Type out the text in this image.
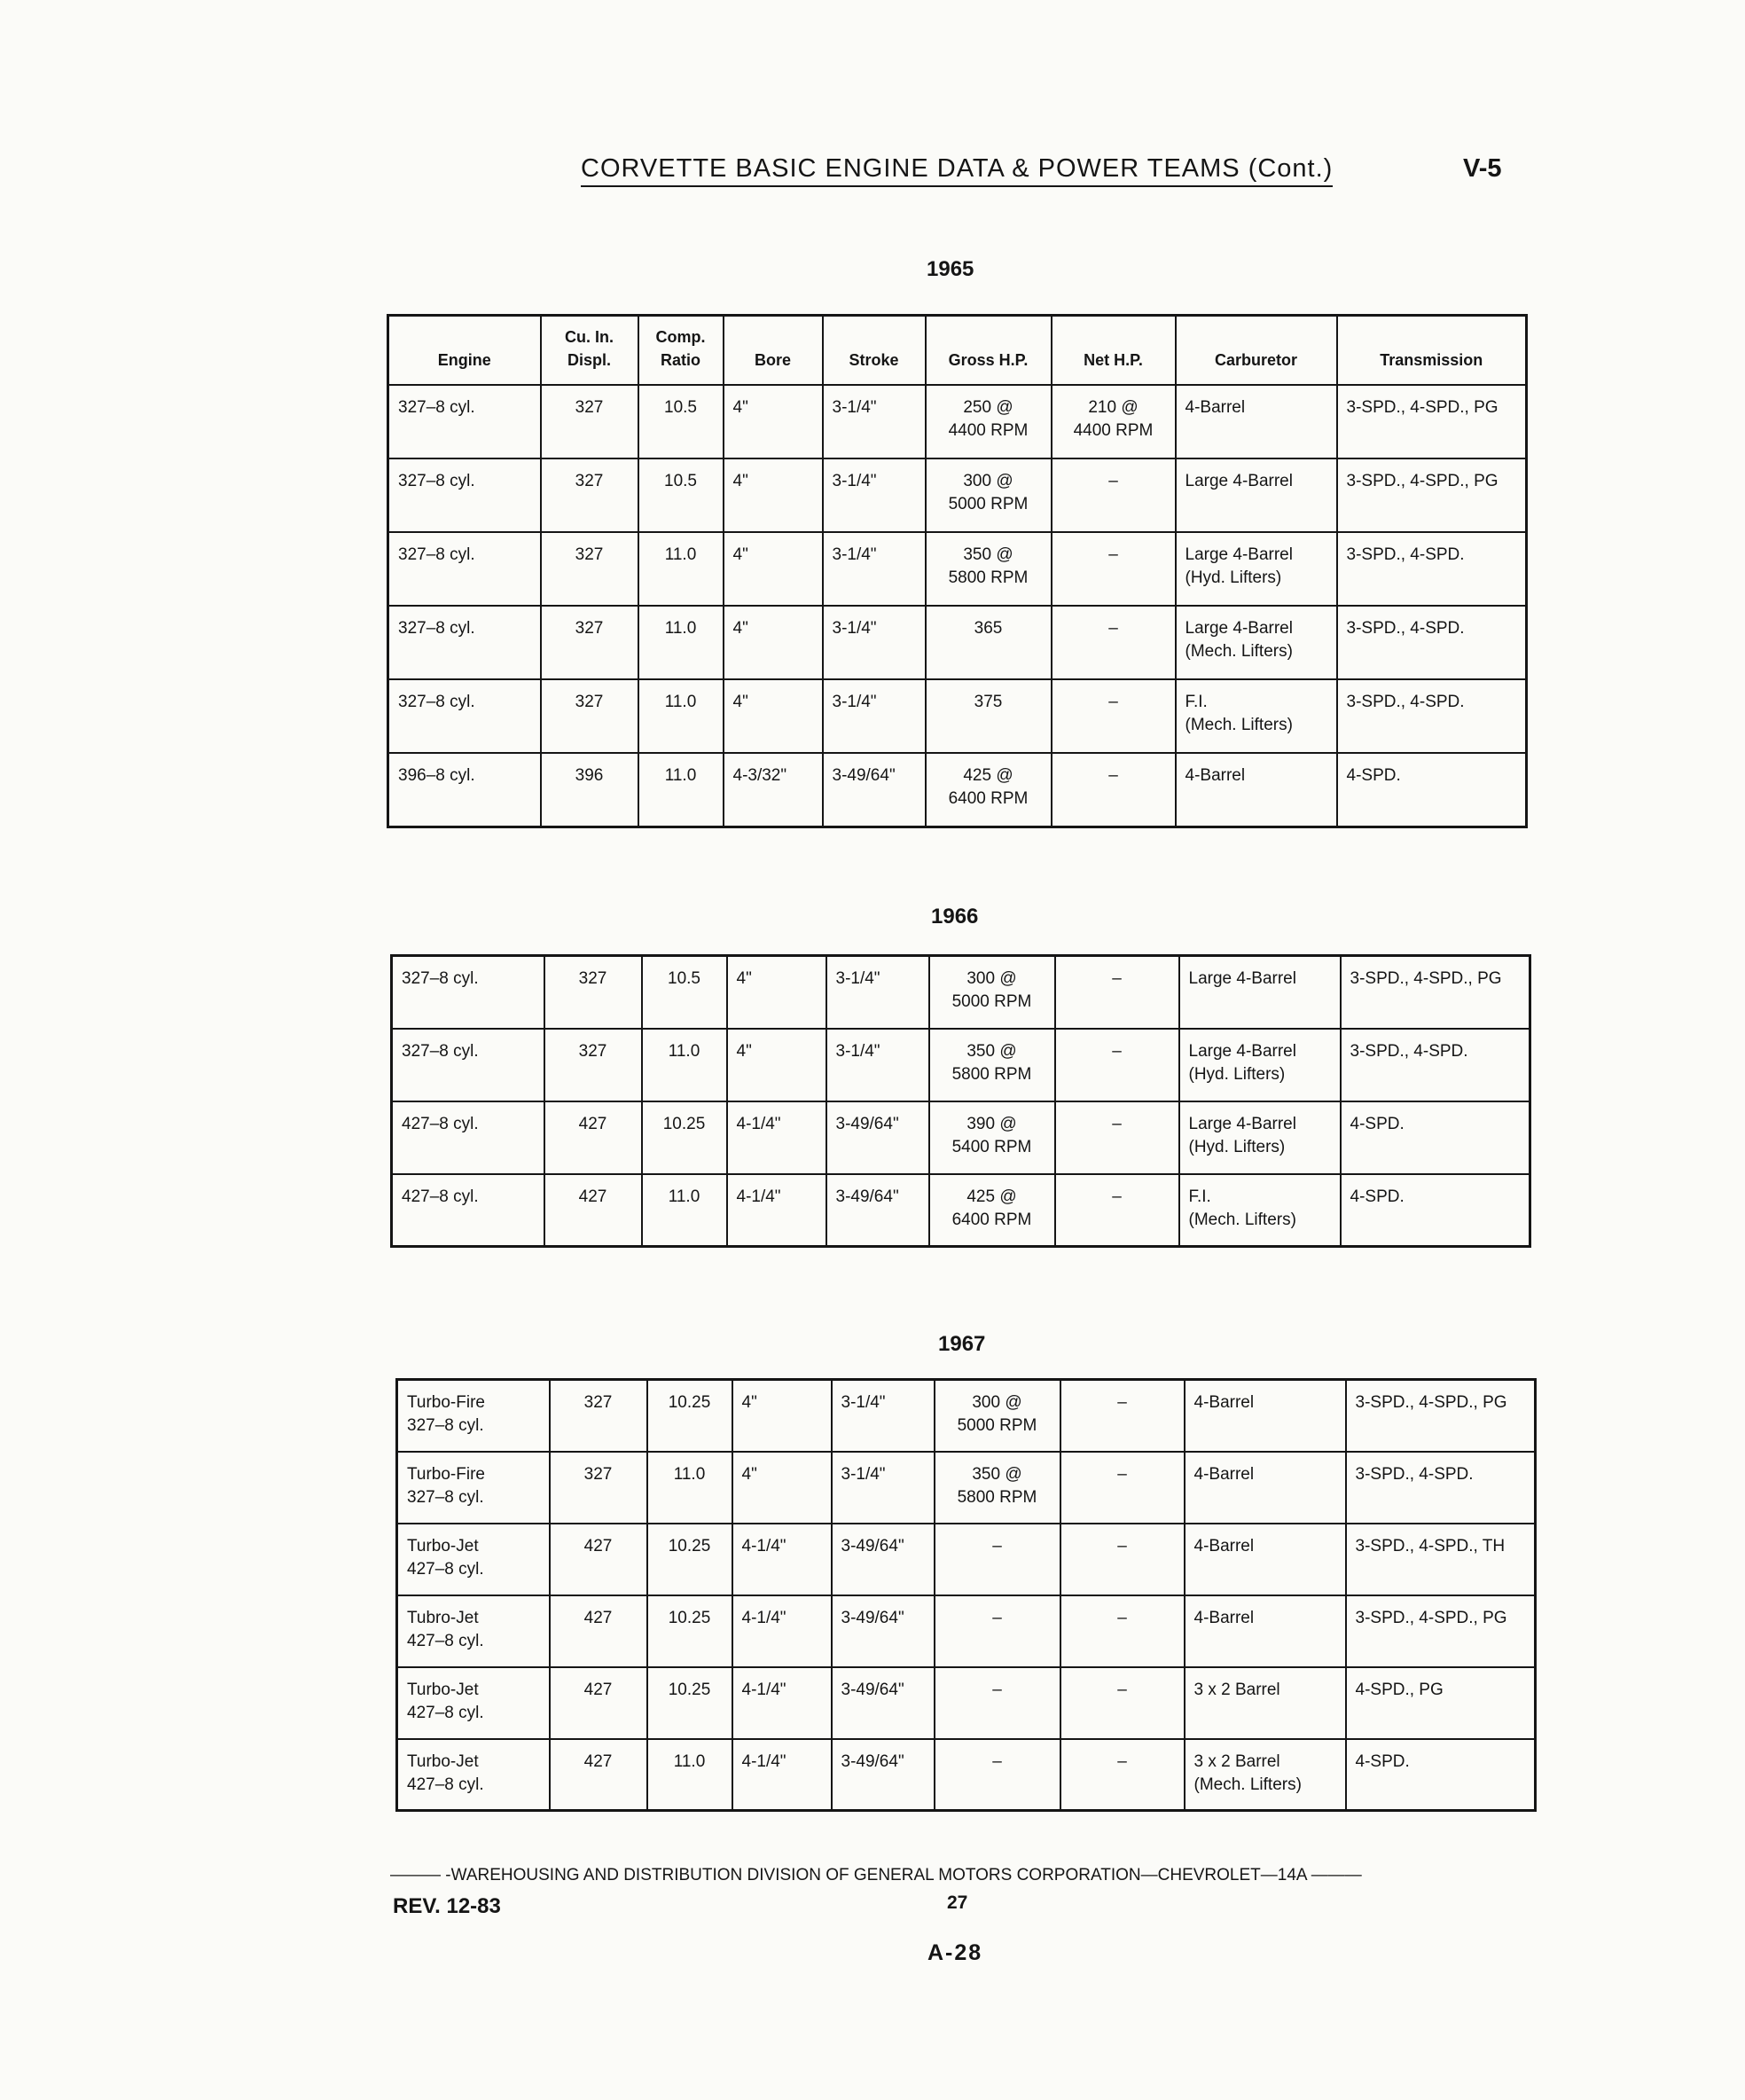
CORVETTE BASIC ENGINE DATA & POWER TEAMS (Cont.)	V-5
1965
Engine	Cu. In. Displ.	Comp. Ratio	Bore	Stroke	Gross H.P.	Net H.P.	Carburetor	Transmission
327–8 cyl.	327	10.5	4"	3-1/4"	250 @
4400 RPM	210 @
4400 RPM	4-Barrel	3-SPD., 4-SPD., PG
327–8 cyl.	327	10.5	4"	3-1/4"	300 @
5000 RPM	–	Large 4-Barrel	3-SPD., 4-SPD., PG
327–8 cyl.	327	11.0	4"	3-1/4"	350 @
5800 RPM	–	Large 4-Barrel
(Hyd. Lifters)	3-SPD., 4-SPD.
327–8 cyl.	327	11.0	4"	3-1/4"	365	–	Large 4-Barrel
(Mech. Lifters)	3-SPD., 4-SPD.
327–8 cyl.	327	11.0	4"	3-1/4"	375	–	F.I.
(Mech. Lifters)	3-SPD., 4-SPD.
396–8 cyl.	396	11.0	4-3/32"	3-49/64"	425 @
6400 RPM	–	4-Barrel	4-SPD.
1966
327–8 cyl.	327	10.5	4"	3-1/4"	300 @
5000 RPM	–	Large 4-Barrel	3-SPD., 4-SPD., PG
327–8 cyl.	327	11.0	4"	3-1/4"	350 @
5800 RPM	–	Large 4-Barrel
(Hyd. Lifters)	3-SPD., 4-SPD.
427–8 cyl.	427	10.25	4-1/4"	3-49/64"	390 @
5400 RPM	–	Large 4-Barrel
(Hyd. Lifters)	4-SPD.
427–8 cyl.	427	11.0	4-1/4"	3-49/64"	425 @
6400 RPM	–	F.I.
(Mech. Lifters)	4-SPD.
1967
Turbo-Fire
327–8 cyl.	327	10.25	4"	3-1/4"	300 @
5000 RPM	–	4-Barrel	3-SPD., 4-SPD., PG
Turbo-Fire
327–8 cyl.	327	11.0	4"	3-1/4"	350 @
5800 RPM	–	4-Barrel	3-SPD., 4-SPD.
Turbo-Jet
427–8 cyl.	427	10.25	4-1/4"	3-49/64"	–	–	4-Barrel	3-SPD., 4-SPD., TH
Tubro-Jet
427–8 cyl.	427	10.25	4-1/4"	3-49/64"	–	–	4-Barrel	3-SPD., 4-SPD., PG
Turbo-Jet
427–8 cyl.	427	10.25	4-1/4"	3-49/64"	–	–	3 x 2 Barrel	4-SPD., PG
Turbo-Jet
427–8 cyl.	427	11.0	4-1/4"	3-49/64"	–	–	3 x 2 Barrel
(Mech. Lifters)	4-SPD.
——— -WAREHOUSING AND DISTRIBUTION DIVISION OF GENERAL MOTORS CORPORATION—CHEVROLET—14A ———
REV. 12-83	27
A-28
